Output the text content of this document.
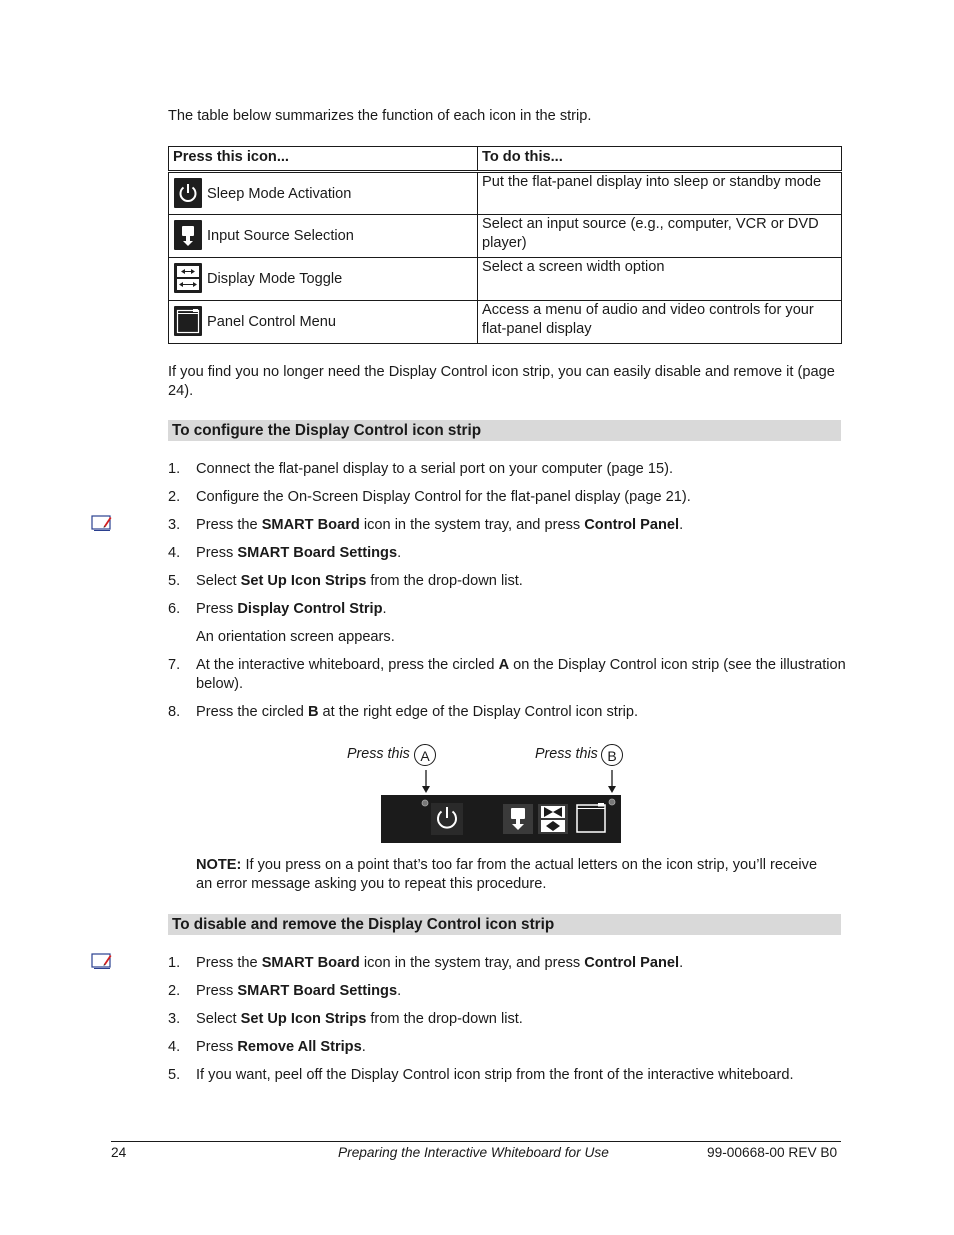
The table below summarizes the function of each icon in the strip.

Press this icon...	To do this...

Sleep Mode Activation	Put the flat-panel display into sleep or standby mode

Input Source Selection	Select an input source (e.g., computer, VCR or DVD player)

Display Mode Toggle	Select a screen width option

Panel Control Menu	Access a menu of audio and video controls for your flat-panel display

If you find you no longer need the Display Control icon strip, you can easily disable and remove it (page 24).

To configure the Display Control icon strip
1.	Connect the flat-panel display to a serial port on your computer (page 15).
2.	Configure the On-Screen Display Control for the flat-panel display (page 21).
3.	Press the SMART Board icon in the system tray, and press Control Panel.
4.	Press SMART Board Settings.
5.	Select Set Up Icon Strips from the drop-down list.
6.	Press Display Control Strip.
An orientation screen appears.
7.	At the interactive whiteboard, press the circled A on the Display Control icon strip (see the illustration below).
8.	Press the circled B at the right edge of the Display Control icon strip.
Press this A	Press this B

NOTE: If you press on a point that’s too far from the actual letters on the icon strip, you’ll receive an error message asking you to repeat this procedure.

To disable and remove the Display Control icon strip
1.	Press the SMART Board icon in the system tray, and press Control Panel.
2.	Press SMART Board Settings.
3.	Select Set Up Icon Strips from the drop-down list.
4.	Press Remove All Strips.
5.	If you want, peel off the Display Control icon strip from the front of the interactive whiteboard.
24	Preparing the Interactive Whiteboard for Use	99-00668-00 REV B0
